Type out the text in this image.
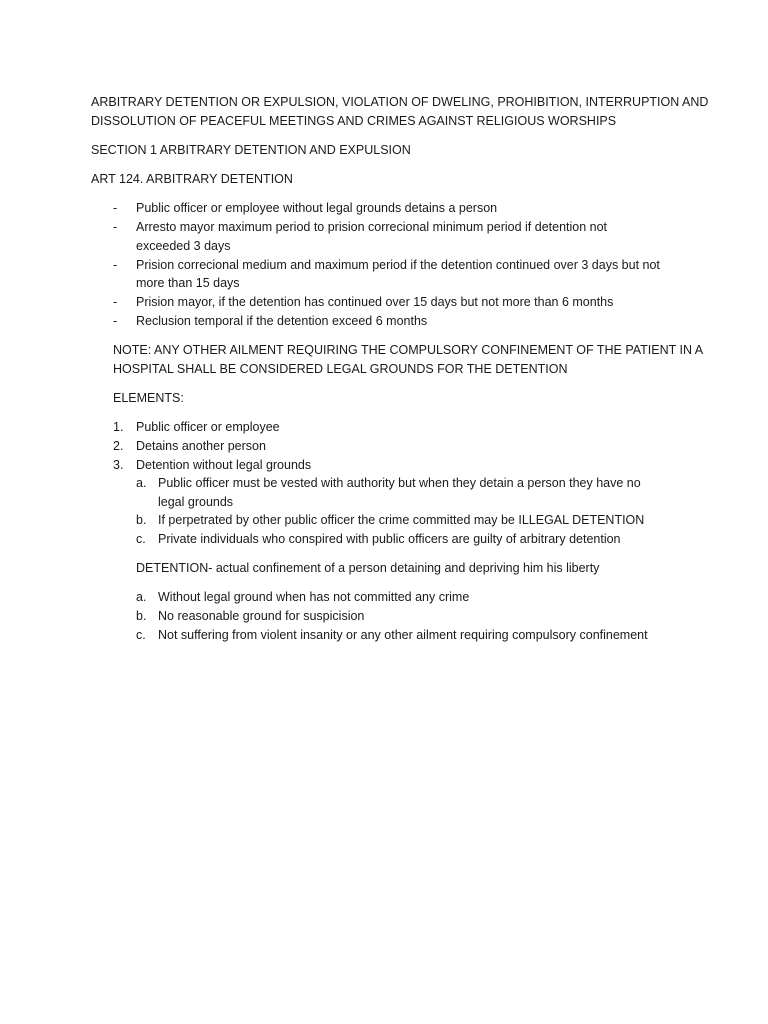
ARBITRARY DETENTION OR EXPULSION, VIOLATION OF DWELING, PROHIBITION, INTERRUPTION AND
DISSOLUTION OF PEACEFUL MEETINGS AND CRIMES AGAINST RELIGIOUS WORSHIPS
SECTION 1 ARBITRARY DETENTION AND EXPULSION
ART 124. ARBITRARY DETENTION
- Public officer or employee without legal grounds detains a person
- Arresto mayor maximum period to prision correcional minimum period if detention not
exceeded 3 days
- Prision correcional medium and maximum period if the detention continued over 3 days but not
more than 15 days
- Prision mayor, if the detention has continued over 15 days but not more than 6 months
- Reclusion temporal if the detention exceed 6 months
NOTE: ANY OTHER AILMENT REQUIRING THE COMPULSORY CONFINEMENT OF THE PATIENT IN A
HOSPITAL SHALL BE CONSIDERED LEGAL GROUNDS FOR THE DETENTION
ELEMENTS:
1. Public officer or employee
2. Detains another person
3. Detention without legal grounds
a. Public officer must be vested with authority but when they detain a person they have no
legal grounds
b. If perpetrated by other public officer the crime committed may be ILLEGAL DETENTION
c. Private individuals who conspired with public officers are guilty of arbitrary detention
DETENTION- actual confinement of a person detaining and depriving him his liberty
a. Without legal ground when has not committed any crime
b. No reasonable ground for suspicision
c. Not suffering from violent insanity or any other ailment requiring compulsory confinement
